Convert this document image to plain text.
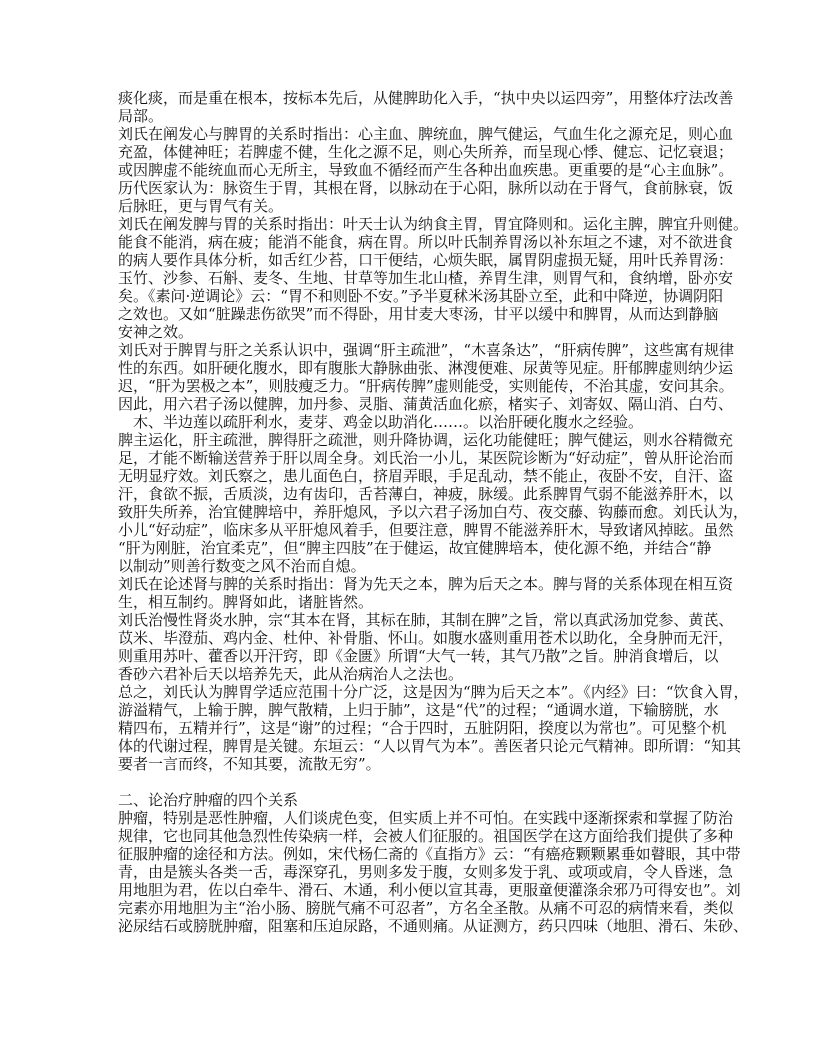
痰化痰，而是重在根本，按标本先后，从健脾助化入手，“执中央以运四旁”，用整体疗法改善
局部。
刘氏在阐发心与脾胃的关系时指出：心主血、脾统血，脾气健运，气血生化之源充足，则心血
充盈，体健神旺；若脾虚不健，生化之源不足，则心失所养，而呈现心悸、健忘、记忆衰退；
或因脾虚不能统血而心无所主，导致血不循经而产生各种出血疾患。更重要的是“心主血脉”。
历代医家认为：脉资生于胃，其根在肾，以脉动在于心阳，脉所以动在于肾气，食前脉衰，饭
后脉旺，更与胃气有关。
刘氏在阐发脾与胃的关系时指出：叶天士认为纳食主胃，胃宜降则和。运化主脾，脾宜升则健。
能食不能消，病在疲；能消不能食，病在胃。所以叶氏制养胃汤以补东垣之不逮，对不欲进食
的病人要作具体分析，如舌红少苔，口干便结，心烦失眠，属胃阴虚损无疑，用叶氏养胃汤：
玉竹、沙参、石斛、麦冬、生地、甘草等加生北山楂，养胃生津，则胃气和，食纳增，卧亦安
矣。《素问·逆调论》云：“胃不和则卧不安。”予半夏秫米汤其卧立至，此和中降逆，协调阴阳
之效也。又如“脏躁悲伤欲哭”而不得卧，用甘麦大枣汤，甘平以缓中和脾胃，从而达到静脑
安神之效。
刘氏对于脾胃与肝之关系认识中，强调“肝主疏泄”，“木喜条达”，“肝病传脾”，这些寓有规律
性的东西。如肝硬化腹水，即有腹胀大静脉曲张、淋溲便难、尿黄等见症。肝郁脾虚则纳少运
迟，“肝为罢极之本”，则肢瘦乏力。“肝病传脾”虚则能受，实则能传，不治其虚，安问其余。
因此，用六君子汤以健脾，加丹参、灵脂、蒲黄活血化瘀，楮实子、刘寄奴、隔山消、白芍、
木、半边莲以疏肝利水，麦芽、鸡金以助消化……。以治肝硬化腹水之经验。
脾主运化，肝主疏泄，脾得肝之疏泄，则升降协调，运化功能健旺；脾气健运，则水谷精微充
足，才能不断输送营养于肝以周全身。刘氏治一小儿，某医院诊断为“好动症”，曾从肝论治而
无明显疗效。刘氏察之，患儿面色白，挤眉弄眼，手足乱动，禁不能止，夜卧不安，自汗、盗
汗，食欲不振，舌质淡，边有齿印，舌苔薄白，神疲，脉缓。此系脾胃气弱不能滋养肝木，以
致肝失所养，治宜健脾培中，养肝熄风，予以六君子汤加白芍、夜交藤、钩藤而愈。刘氏认为，
小儿“好动症”，临床多从平肝熄风着手，但要注意，脾胃不能滋养肝木，导致诸风掉眩。虽然
“肝为刚脏，治宜柔克”，但“脾主四肢”在于健运，故宜健脾培本，使化源不绝，并结合“静
以制动”则善行数变之风不治而自熄。
刘氏在论述肾与脾的关系时指出：肾为先天之本，脾为后天之本。脾与肾的关系体现在相互资
生，相互制约。脾肾如此，诸脏皆然。
刘氏治慢性肾炎水肿，宗“其本在肾，其标在肺，其制在脾”之旨，常以真武汤加党参、黄芪、
苡米、毕澄茄、鸡内金、杜仲、补骨脂、怀山。如腹水盛则重用苍术以助化，全身肿而无汗，
则重用苏叶、藿香以开汗窍，即《金匮》所谓“大气一转，其气乃散”之旨。肿消食增后，以
香砂六君补后天以培养先天，此从治病治人之法也。
总之，刘氏认为脾胃学适应范围十分广泛，这是因为“脾为后天之本”。《内经》曰：“饮食入胃，
游溢精气，上输于脾，脾气散精，上归于肺”，这是“代”的过程；“通调水道，下输膀胱，水
精四布，五精并行”，这是“谢”的过程；“合于四时，五脏阴阳，揆度以为常也”。可见整个机
体的代谢过程，脾胃是关键。东垣云：“人以胃气为本”。善医者只论元气精神。即所谓：“知其
要者一言而终，不知其要，流散无穷”。
二、论治疗肿瘤的四个关系
肿瘤，特别是恶性肿瘤，人们谈虎色变，但实质上并不可怕。在实践中逐渐探索和掌握了防治
规律，它也同其他急烈性传染病一样，会被人们征服的。祖国医学在这方面给我们提供了多种
征服肿瘤的途径和方法。例如，宋代杨仁斋的《直指方》云：“有癌疮颗颗累垂如瞽眼，其中带
青，由是簇头各类一舌，毒深穿孔，男则多发于腹，女则多发于乳、或项或肩，令人昏迷，急
用地胆为君，佐以白牵牛、滑石、木通，利小便以宣其毒，更服童便灌涤余邪乃可得安也”。刘
完素亦用地胆为主“治小肠、膀胱气痛不可忍者”，方名全圣散。从痛不可忍的病情来看，类似
泌尿结石或膀胱肿瘤，阻塞和压迫尿路，不通则痛。从证测方，药只四味（地胆、滑石、朱砂、
